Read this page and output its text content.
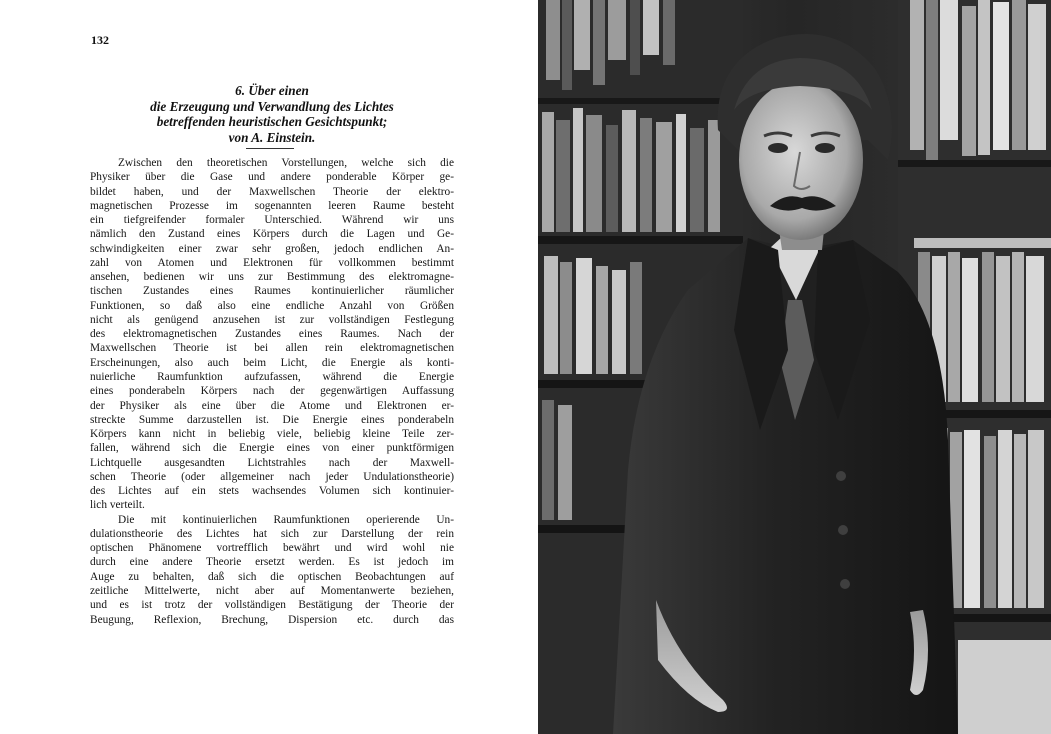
132
6. Über einen
die Erzeugung und Verwandlung des Lichtes
betreffenden heuristischen Gesichtspunkt;
von A. Einstein.
Zwischen den theoretischen Vorstellungen, welche sich die
Physiker über die Gase und andere ponderable Körper ge-
bildet haben, und der Maxwellschen Theorie der elektro-
magnetischen Prozesse im sogenannten leeren Raume besteht
ein tiefgreifender formaler Unterschied. Während wir uns
nämlich den Zustand eines Körpers durch die Lagen und Ge-
schwindigkeiten einer zwar sehr großen, jedoch endlichen An-
zahl von Atomen und Elektronen für vollkommen bestimmt
ansehen, bedienen wir uns zur Bestimmung des elektromagne-
tischen Zustandes eines Raumes kontinuierlicher räumlicher
Funktionen, so daß also eine endliche Anzahl von Größen
nicht als genügend anzusehen ist zur vollständigen Festlegung
des elektromagnetischen Zustandes eines Raumes. Nach der
Maxwellschen Theorie ist bei allen rein elektromagnetischen
Erscheinungen, also auch beim Licht, die Energie als konti-
nuierliche Raumfunktion aufzufassen, während die Energie
eines ponderabeln Körpers nach der gegenwärtigen Auffassung
der Physiker als eine über die Atome und Elektronen er-
streckte Summe darzustellen ist. Die Energie eines ponderabeln
Körpers kann nicht in beliebig viele, beliebig kleine Teile zer-
fallen, während sich die Energie eines von einer punktförmigen
Lichtquelle ausgesandten Lichtstrahles nach der Maxwell-
schen Theorie (oder allgemeiner nach jeder Undulationstheorie)
des Lichtes auf ein stets wachsendes Volumen sich kontinuier-
lich verteilt.
Die mit kontinuierlichen Raumfunktionen operierende Un-
dulationstheorie des Lichtes hat sich zur Darstellung der rein
optischen Phänomene vortrefflich bewährt und wird wohl nie
durch eine andere Theorie ersetzt werden. Es ist jedoch im
Auge zu behalten, daß sich die optischen Beobachtungen auf
zeitliche Mittelwerte, nicht aber auf Momentanwerte beziehen,
und es ist trotz der vollständigen Bestätigung der Theorie der
Beugung, Reflexion, Brechung, Dispersion etc. durch das
